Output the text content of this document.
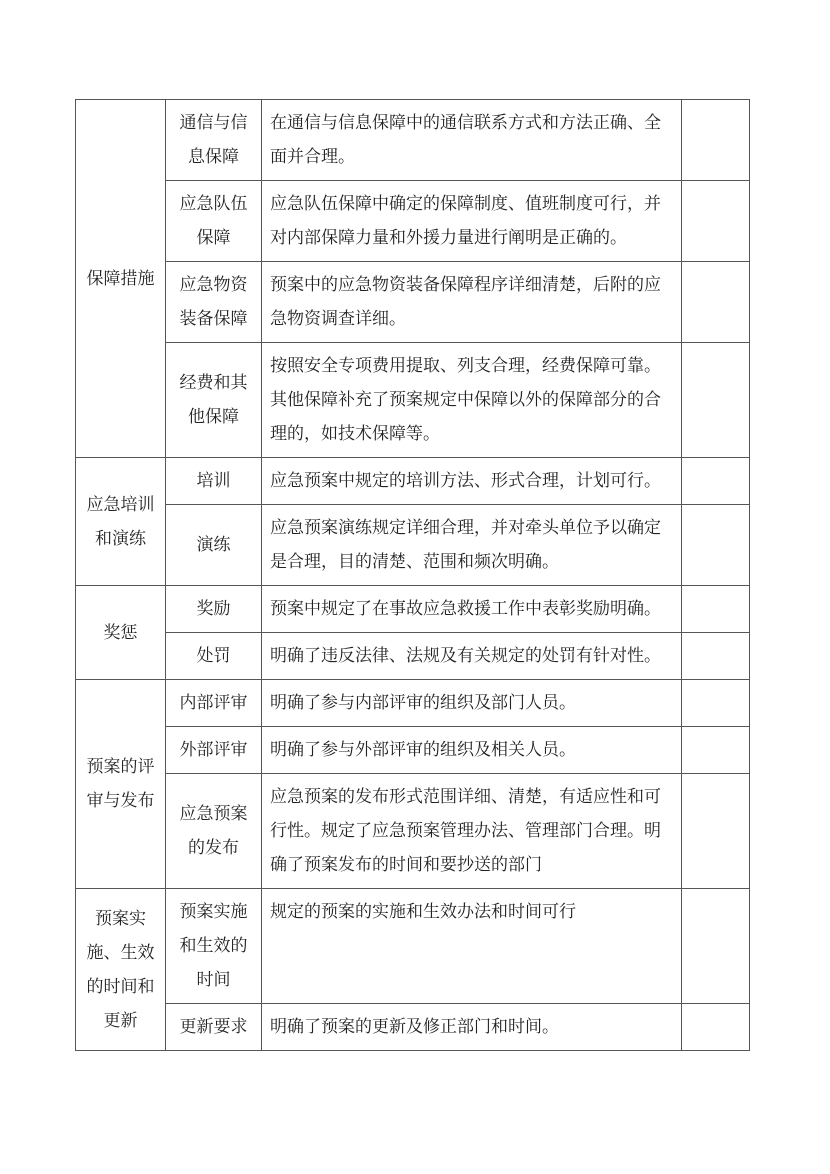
保障措施	通信与信息保障	在通信与信息保障中的通信联系方式和方法正确、全面并合理。	
	应急队伍保障	应急队伍保障中确定的保障制度、值班制度可行，并对内部保障力量和外援力量进行阐明是正确的。	
	应急物资装备保障	预案中的应急物资装备保障程序详细清楚，后附的应急物资调查详细。	
	经费和其他保障	按照安全专项费用提取、列支合理，经费保障可靠。其他保障补充了预案规定中保障以外的保障部分的合理的，如技术保障等。	
应急培训和演练	培训	应急预案中规定的培训方法、形式合理，计划可行。	
	演练	应急预案演练规定详细合理，并对牵头单位予以确定是合理，目的清楚、范围和频次明确。	
奖惩	奖励	预案中规定了在事故应急救援工作中表彰奖励明确。	
	处罚	明确了违反法律、法规及有关规定的处罚有针对性。	
预案的评审与发布	内部评审	明确了参与内部评审的组织及部门人员。	
	外部评审	明确了参与外部评审的组织及相关人员。	
	应急预案的发布	应急预案的发布形式范围详细、清楚，有适应性和可行性。规定了应急预案管理办法、管理部门合理。明确了预案发布的时间和要抄送的部门	
预案实施、生效的时间和更新	预案实施和生效的时间	规定的预案的实施和生效办法和时间可行	
	更新要求	明确了预案的更新及修正部门和时间。	
